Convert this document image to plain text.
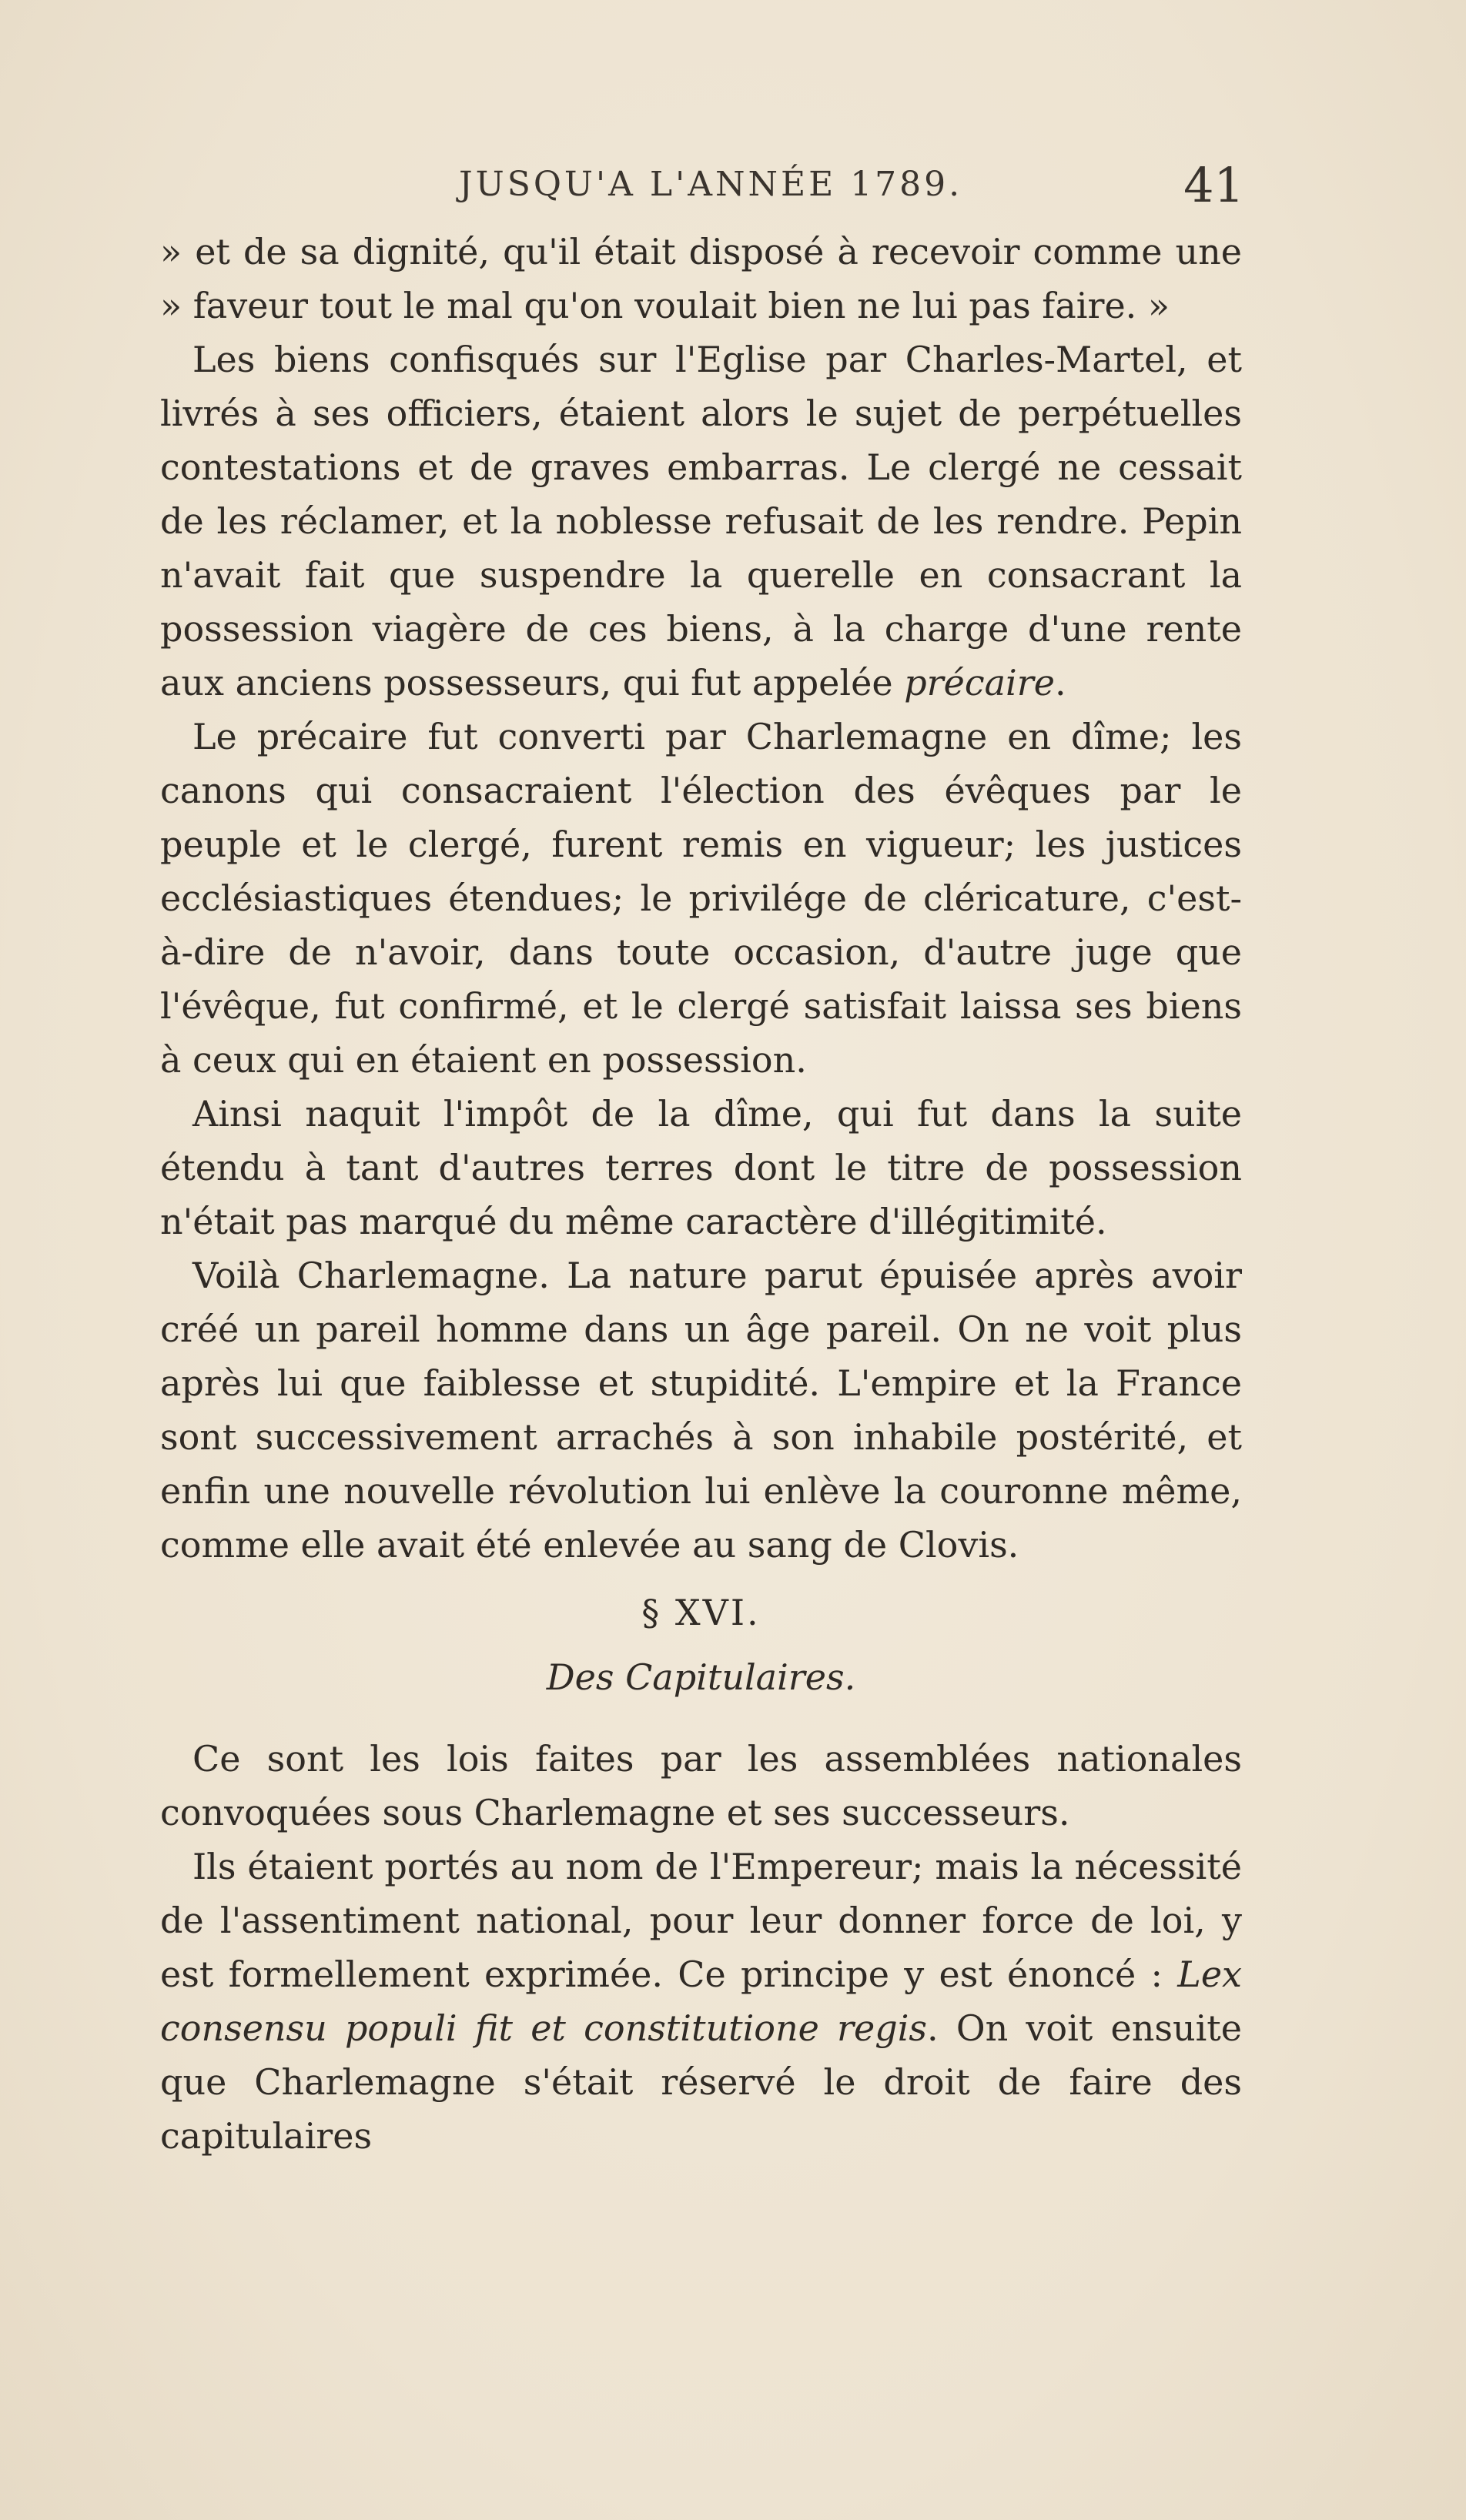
JUSQU'A L'ANNÉE 1789.	41

» et de sa dignité, qu'il était disposé à recevoir comme une » faveur tout le mal qu'on voulait bien ne lui pas faire. »

Les biens confisqués sur l'Eglise par Charles-Martel, et livrés à ses officiers, étaient alors le sujet de perpétuelles contestations et de graves embarras. Le clergé ne cessait de les réclamer, et la noblesse refusait de les rendre. Pepin n'avait fait que suspendre la querelle en consacrant la possession viagère de ces biens, à la charge d'une rente aux anciens possesseurs, qui fut appelée précaire.

Le précaire fut converti par Charlemagne en dîme; les canons qui consacraient l'élection des évêques par le peuple et le clergé, furent remis en vigueur; les justices ecclésiastiques étendues; le privilége de cléricature, c'est-à-dire de n'avoir, dans toute occasion, d'autre juge que l'évêque, fut confirmé, et le clergé satisfait laissa ses biens à ceux qui en étaient en possession.

Ainsi naquit l'impôt de la dîme, qui fut dans la suite étendu à tant d'autres terres dont le titre de possession n'était pas marqué du même caractère d'illégitimité.

Voilà Charlemagne. La nature parut épuisée après avoir créé un pareil homme dans un âge pareil. On ne voit plus après lui que faiblesse et stupidité. L'empire et la France sont successivement arrachés à son inhabile postérité, et enfin une nouvelle révolution lui enlève la couronne même, comme elle avait été enlevée au sang de Clovis.

§ XVI.
Des Capitulaires.

Ce sont les lois faites par les assemblées nationales convoquées sous Charlemagne et ses successeurs.

Ils étaient portés au nom de l'Empereur; mais la nécessité de l'assentiment national, pour leur donner force de loi, y est formellement exprimée. Ce principe y est énoncé : Lex consensu populi fit et constitutione regis. On voit ensuite que Charlemagne s'était réservé le droit de faire des capitulaires
